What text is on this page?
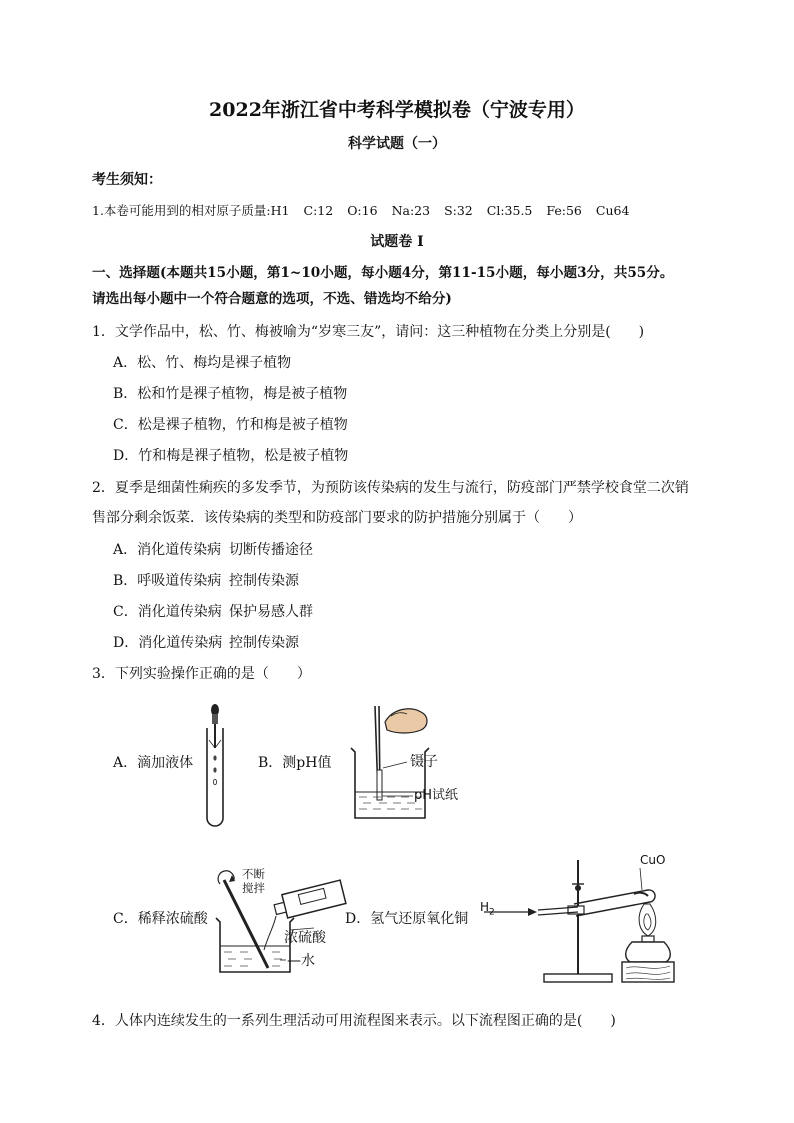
2022年浙江省中考科学模拟卷（宁波专用）
科学试题（一）
考生须知：
1.本卷可能用到的相对原子质量:H1 C:12 O:16 Na:23 S:32 Cl:35.5 Fe:56 Cu64
试题卷 Ⅰ
一、选择题(本题共15小题，第1~10小题，每小题4分，第11-15小题，每小题3分，共55分。
请选出每小题中一个符合题意的选项，不选、错选均不给分)
1．文学作品中，松、竹、梅被喻为“岁寒三友”，请问：这三种植物在分类上分别是(　　)
A．松、竹、梅均是裸子植物
B．松和竹是裸子植物，梅是被子植物
C．松是裸子植物，竹和梅是被子植物
D．竹和梅是裸子植物，松是被子植物
2．夏季是细菌性痢疾的多发季节，为预防该传染病的发生与流行，防疫部门严禁学校食堂二次销
售部分剩余饭菜．该传染病的类型和防疫部门要求的防护措施分别属于（　　）
A．消化道传染病 切断传播途径
B．呼吸道传染病 控制传染源
C．消化道传染病 保护易感人群
D．消化道传染病 控制传染源
3．下列实验操作正确的是（　　）
A．滴加液体	B．测pH值
C．稀释浓硫酸	D．氢气还原氧化铜
镊子
pH试纸
不断
搅拌
浓硫酸
—水
$H_2$
CuO
4．人体内连续发生的一系列生理活动可用流程图来表示。以下流程图正确的是(　　)
